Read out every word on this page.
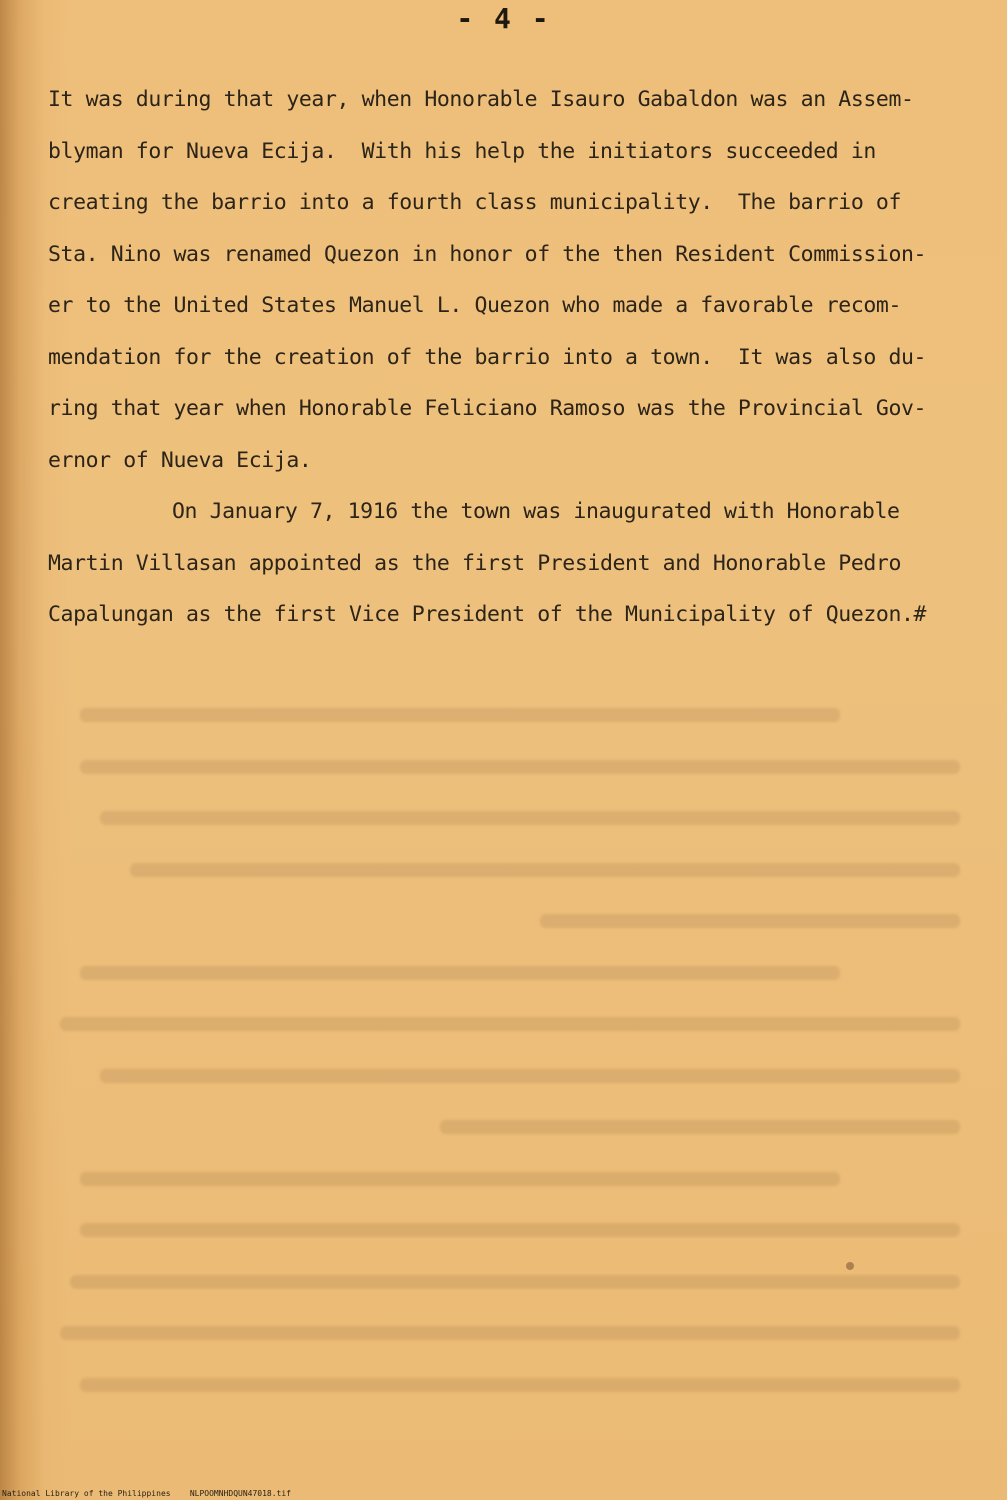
- 4 -
It was during that year, when Honorable Isauro Gabaldon was an Assem-
blyman for Nueva Ecija.  With his help the initiators succeeded in
creating the barrio into a fourth class municipality.  The barrio of
Sta. Nino was renamed Quezon in honor of the then Resident Commission-
er to the United States Manuel L. Quezon who made a favorable recom-
mendation for the creation of the barrio into a town.  It was also du-
ring that year when Honorable Feliciano Ramoso was the Provincial Gov-
ernor of Nueva Ecija.
On January 7, 1916 the town was inaugurated with Honorable
Martin Villasan appointed as the first President and Honorable Pedro
Capalungan as the first Vice President of the Municipality of Quezon.#
National Library of the Philippines    NLPOOMNHDQUN47018.tif
